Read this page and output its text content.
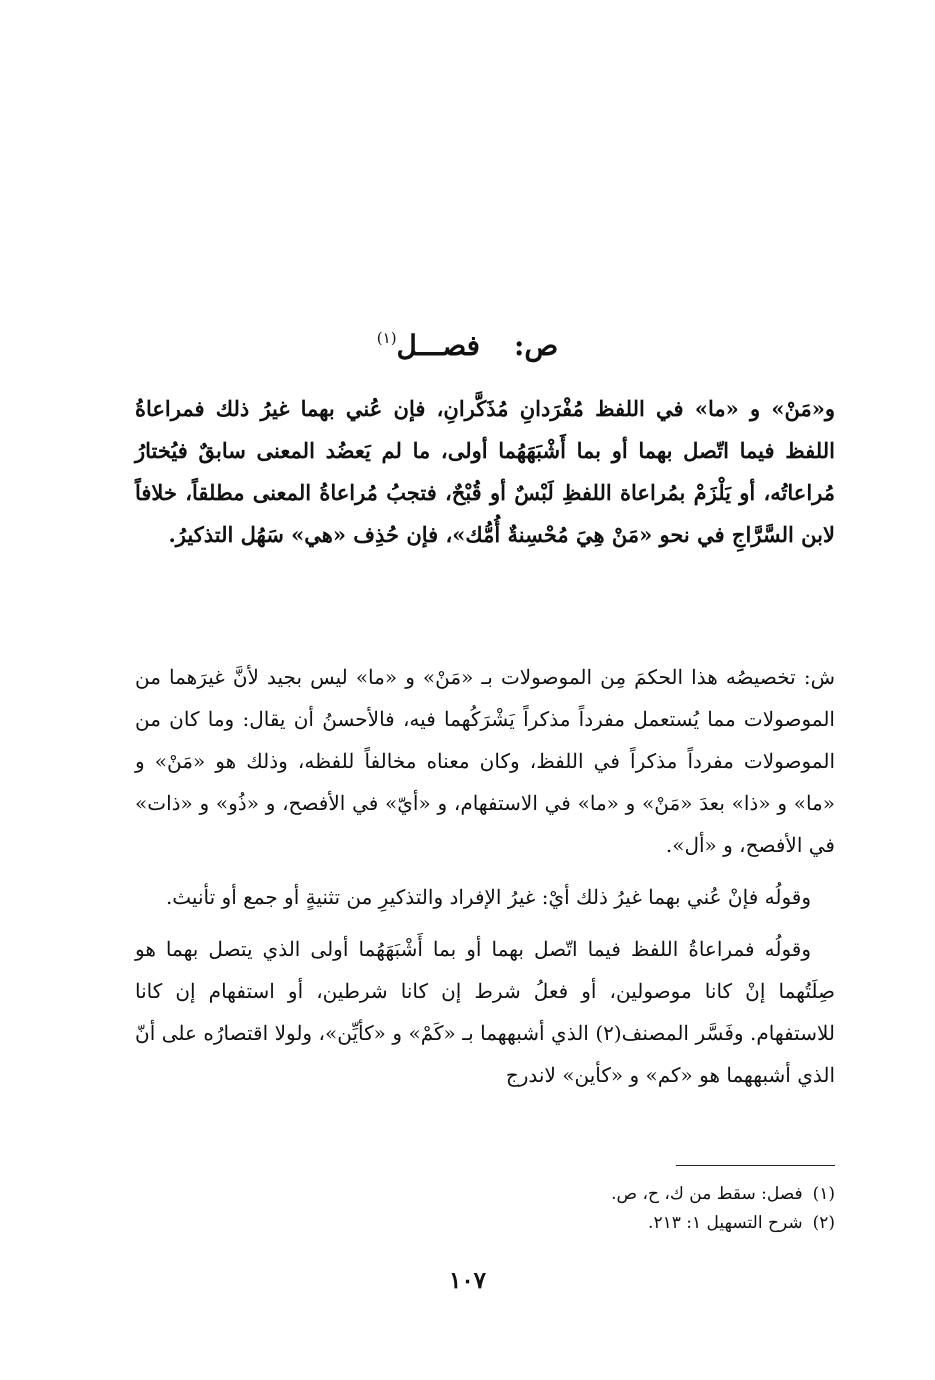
ص:فصـــل$^{(١)}$
و«مَنْ» و «ما» في اللفظ مُفْرَدانِ مُذَكَّرانِ، فإن عُني بهما غيرُ ذلك فمراعاةُ اللفظ فيما اتّصل بهما أو بما أَشْبَهَهُما أولى، ما لم يَعضُد المعنى سابقٌ فيُختارُ مُراعاتُه، أو يَلْزَمْ بمُراعاة اللفظِ لَبْسٌ أو قُبْحٌ، فتجبُ مُراعاةُ المعنى مطلقاً، خلافاً لابن السَّرَّاجِ في نحو «مَنْ هِيَ مُحْسِنةٌ أُمُّك»، فإن حُذِف «هي» سَهُل التذكيرُ.

ش: تخصيصُه هذا الحكمَ مِن الموصولات بـ «مَنْ» و «ما» ليس بجيد لأنَّ غيرَهما من الموصولات مما يُستعمل مفرداً مذكراً يَشْرَكُهما فيه، فالأحسنُ أن يقال: وما كان من الموصولات مفرداً مذكراً في اللفظ، وكان معناه مخالفاً للفظه، وذلك هو «مَنْ» و «ما» و «ذا» بعدَ «مَنْ» و «ما» في الاستفهام، و «أيّ» في الأفصح، و «ذُو» و «ذات» في الأفصح، و «أل».

وقولُه فإنْ عُني بهما غيرُ ذلك أيْ: غيرُ الإفراد والتذكيرِ من تثنيةٍ أو جمع أو تأنيث.

وقولُه فمراعاةُ اللفظ فيما اتّصل بهما أو بما أَشْبَهَهُما أولى الذي يتصل بهما هو صِلَتُهما إنْ كانا موصولين، أو فعلُ شرط إن كانا شرطين، أو استفهام إن كانا للاستفهام. وفَسَّر المصنف(٢) الذي أشبههما بـ «كَمْ» و «كأيِّن»، ولولا اقتصارُه على أنّ الذي أشبههما هو «كم» و «كأين» لاندرج

(١)فصل: سقط من ك، ح، ص.

(٢)شرح التسهيل ١: ٢١٣.

١٠٧
